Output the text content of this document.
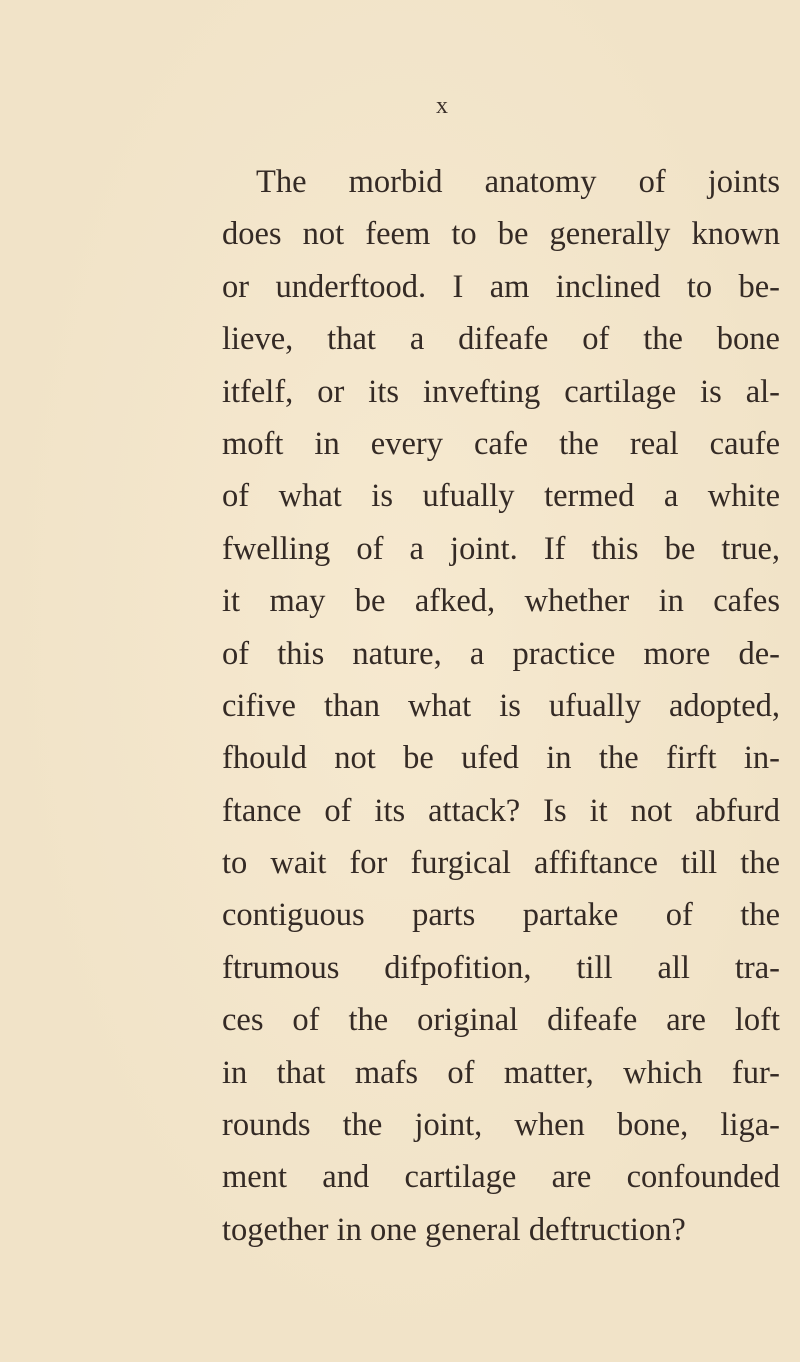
x
The morbid anatomy of joints
does not feem to be generally known
or underftood. I am inclined to be-
lieve, that a difeafe of the bone
itfelf, or its invefting cartilage is al-
moft in every cafe the real caufe
of what is ufually termed a white
fwelling of a joint. If this be true,
it may be afked, whether in cafes
of this nature, a practice more de-
cifive than what is ufually adopted,
fhould not be ufed in the firft in-
ftance of its attack? Is it not abfurd
to wait for furgical affiftance till the
contiguous parts partake of the
ftrumous difpofition, till all tra-
ces of the original difeafe are loft
in that mafs of matter, which fur-
rounds the joint, when bone, liga-
ment and cartilage are confounded
together in one general deftruction?
